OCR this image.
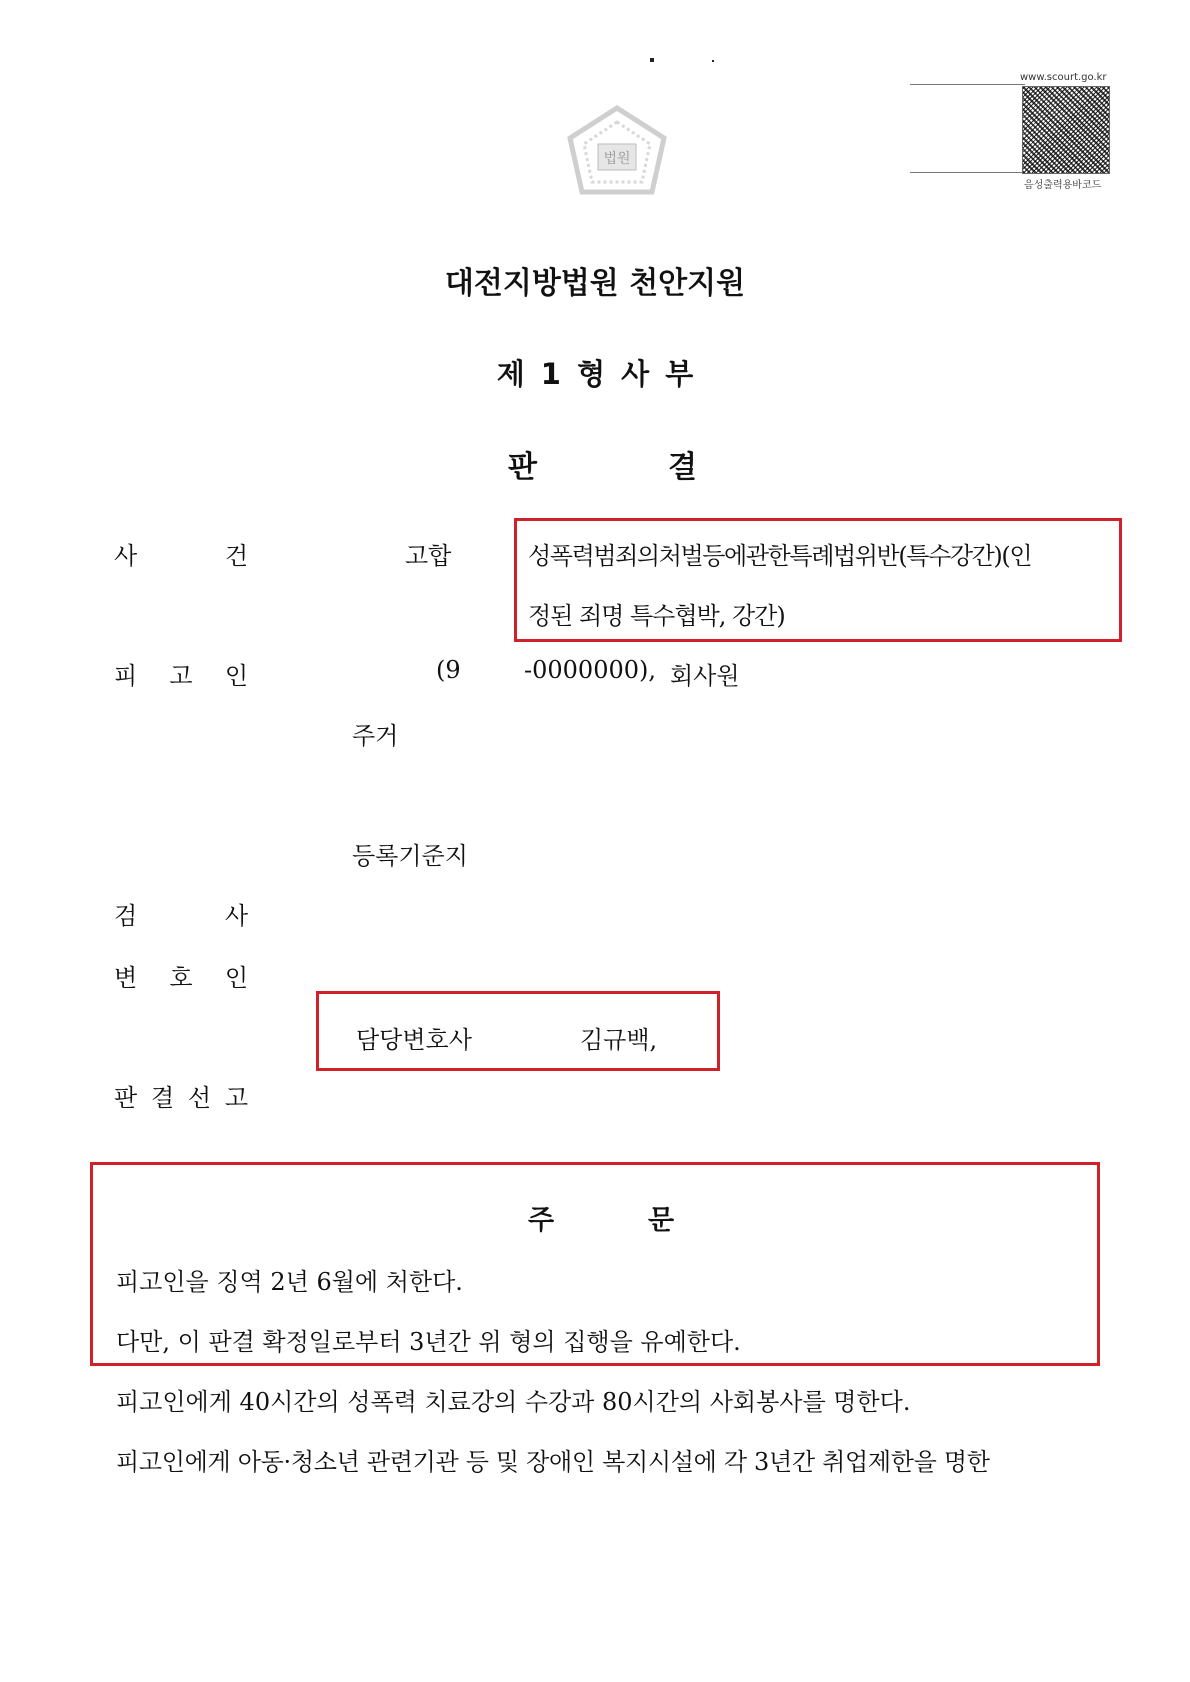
www.scourt.go.kr
음성출력용바코드
법원
대전지방법원 천안지원
제 1 형 사 부
판	결
사	건	고합	성폭력범죄의처벌등에관한특례법위반(특수강간)(인
정된 죄명 특수협박, 강간)
피 고 인	(9	-0000000), 회사원
주거
등록기준지
검	사
변 호 인
담당변호사	김규백,
판 결 선 고
주	문
피고인을 징역 2년 6월에 처한다.
다만, 이 판결 확정일로부터 3년간 위 형의 집행을 유예한다.
피고인에게 40시간의 성폭력 치료강의 수강과 80시간의 사회봉사를 명한다.
피고인에게 아동·청소년 관련기관 등 및 장애인 복지시설에 각 3년간 취업제한을 명한
